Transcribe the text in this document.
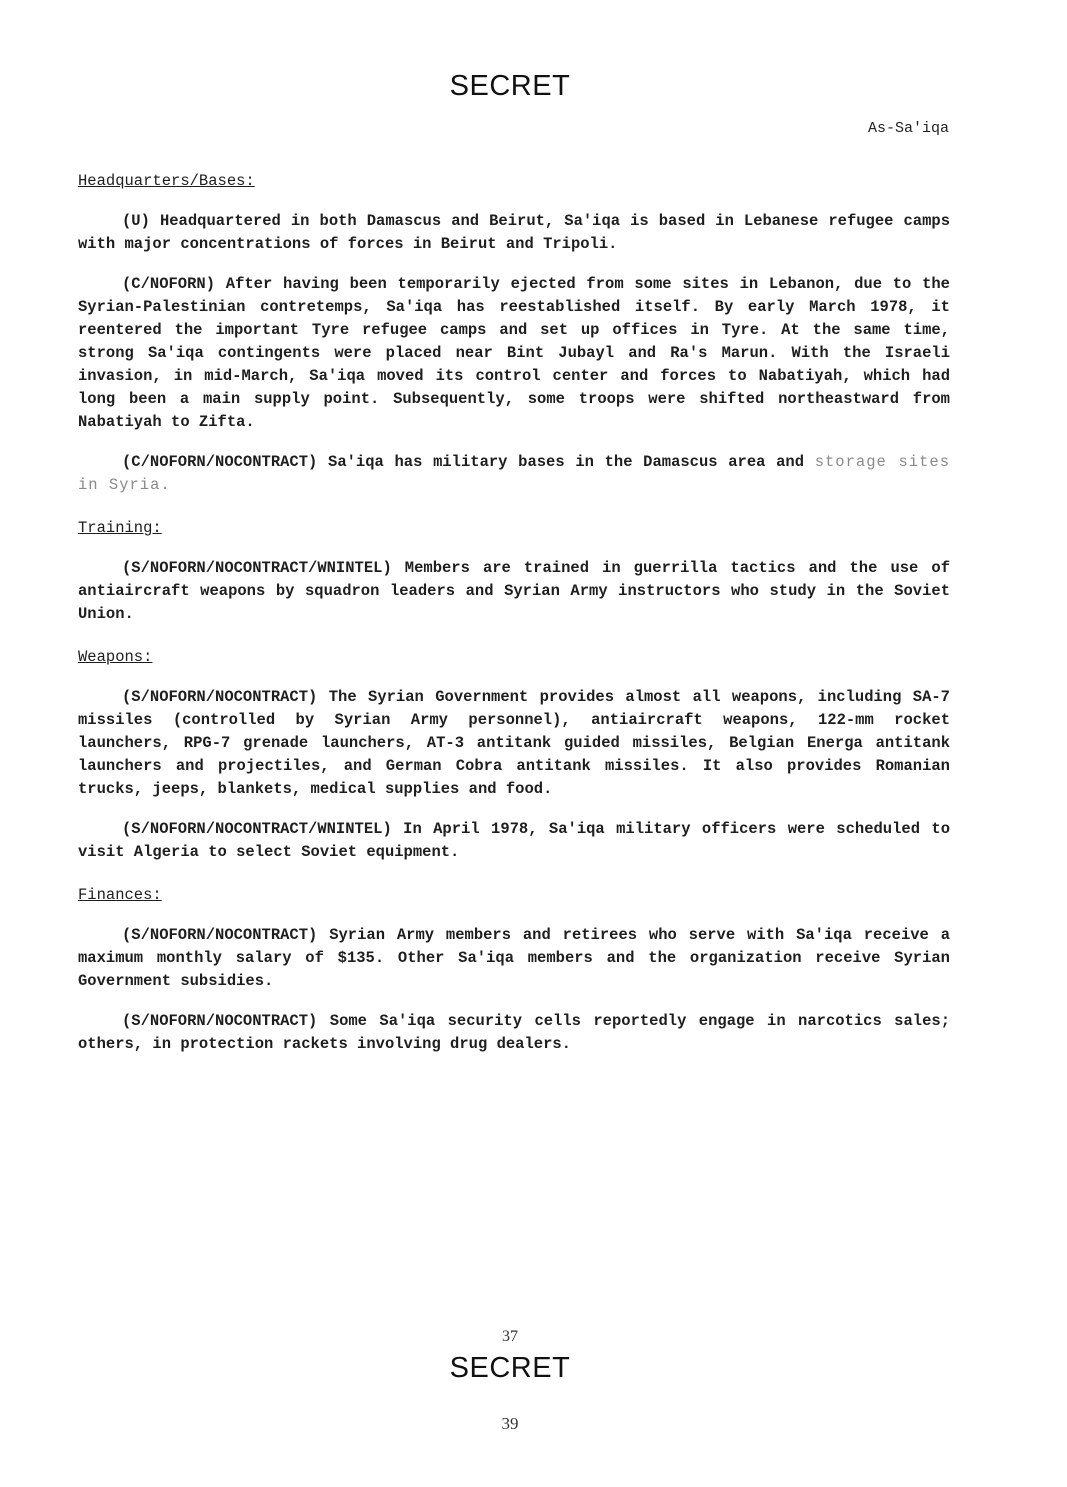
SECRET
As-Sa'iqa
Headquarters/Bases:

(U) Headquartered in both Damascus and Beirut, Sa'iqa is based in Lebanese refugee camps with major concentrations of forces in Beirut and Tripoli.

(C/NOFORN) After having been temporarily ejected from some sites in Lebanon, due to the Syrian-Palestinian contretemps, Sa'iqa has reestablished itself. By early March 1978, it reentered the important Tyre refugee camps and set up offices in Tyre. At the same time, strong Sa'iqa contingents were placed near Bint Jubayl and Ra's Marun. With the Israeli invasion, in mid-March, Sa'iqa moved its control center and forces to Nabatiyah, which had long been a main supply point. Subsequently, some troops were shifted northeastward from Nabatiyah to Zifta.

(C/NOFORN/NOCONTRACT) Sa'iqa has military bases in the Damascus area and storage sites in Syria.

Training:

(S/NOFORN/NOCONTRACT/WNINTEL) Members are trained in guerrilla tactics and the use of antiaircraft weapons by squadron leaders and Syrian Army instructors who study in the Soviet Union.

Weapons:

(S/NOFORN/NOCONTRACT) The Syrian Government provides almost all weapons, including SA-7 missiles (controlled by Syrian Army personnel), antiaircraft weapons, 122-mm rocket launchers, RPG-7 grenade launchers, AT-3 antitank guided missiles, Belgian Energa antitank launchers and projectiles, and German Cobra antitank missiles. It also provides Romanian trucks, jeeps, blankets, medical supplies and food.

(S/NOFORN/NOCONTRACT/WNINTEL) In April 1978, Sa'iqa military officers were scheduled to visit Algeria to select Soviet equipment.

Finances:

(S/NOFORN/NOCONTRACT) Syrian Army members and retirees who serve with Sa'iqa receive a maximum monthly salary of $135. Other Sa'iqa members and the organization receive Syrian Government subsidies.

(S/NOFORN/NOCONTRACT) Some Sa'iqa security cells reportedly engage in narcotics sales; others, in protection rackets involving drug dealers.

37
SECRET
39
